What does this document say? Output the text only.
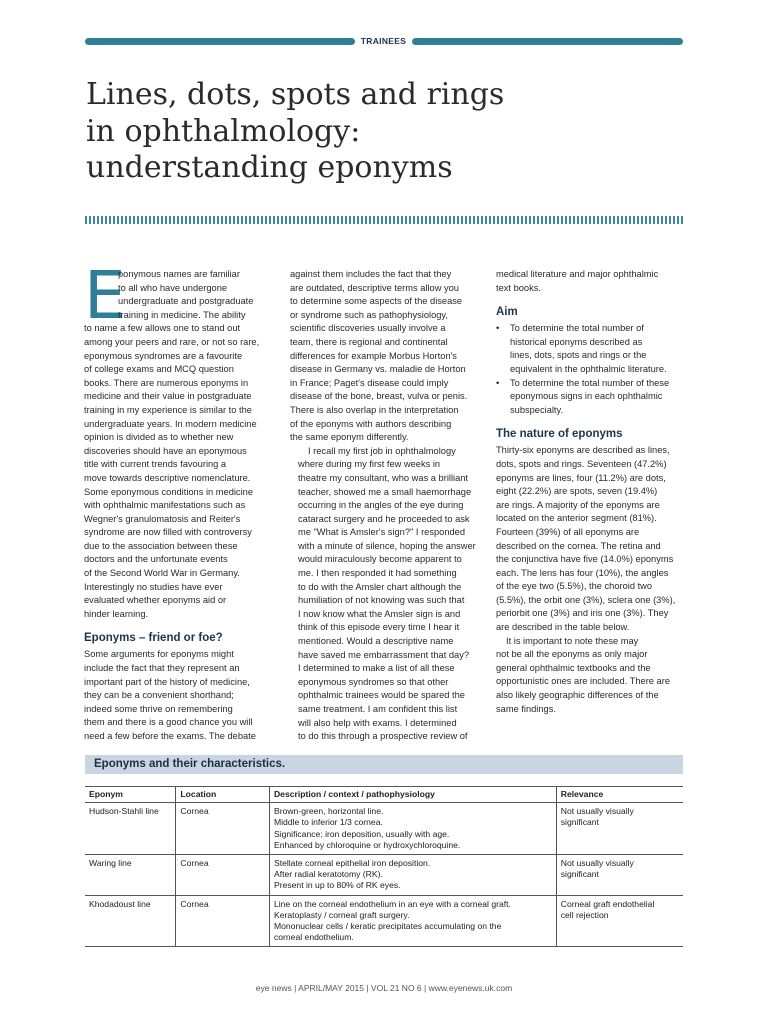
TRAINEES
Lines, dots, spots and rings
in ophthalmology:
understanding eponyms
E
ponymous names are familiar
to all who have undergone
undergraduate and postgraduate
training in medicine. The ability
to name a few allows one to stand out
among your peers and rare, or not so rare,
eponymous syndromes are a favourite
of college exams and MCQ question
books. There are numerous eponyms in
medicine and their value in postgraduate
training in my experience is similar to the
undergraduate years. In modern medicine
opinion is divided as to whether new
discoveries should have an eponymous
title with current trends favouring a
move towards descriptive nomenclature.
Some eponymous conditions in medicine
with ophthalmic manifestations such as
Wegner's granulomatosis and Reiter's
syndrome are now filled with controversy
due to the association between these
doctors and the unfortunate events
of the Second World War in Germany.
Interestingly no studies have ever
evaluated whether eponyms aid or
hinder learning.
Eponyms – friend or foe?
Some arguments for eponyms might
include the fact that they represent an
important part of the history of medicine,
they can be a convenient shorthand;
indeed some thrive on remembering
them and there is a good chance you will
need a few before the exams. The debate
against them includes the fact that they
are outdated, descriptive terms allow you
to determine some aspects of the disease
or syndrome such as pathophysiology,
scientific discoveries usually involve a
team, there is regional and continental
differences for example Morbus Horton's
disease in Germany vs. maladie de Horton
in France; Paget's disease could imply
disease of the bone, breast, vulva or penis.
There is also overlap in the interpretation
of the eponyms with authors describing
the same eponym differently.
I recall my first job in ophthalmology
where during my first few weeks in
theatre my consultant, who was a brilliant
teacher, showed me a small haemorrhage
occurring in the angles of the eye during
cataract surgery and he proceeded to ask
me "What is Amsler's sign?" I responded
with a minute of silence, hoping the answer
would miraculously become apparent to
me. I then responded it had something
to do with the Amsler chart although the
humiliation of not knowing was such that
I now know what the Amsler sign is and
think of this episode every time I hear it
mentioned. Would a descriptive name
have saved me embarrassment that day?
I determined to make a list of all these
eponymous syndromes so that other
ophthalmic trainees would be spared the
same treatment. I am confident this list
will also help with exams. I determined
to do this through a prospective review of
medical literature and major ophthalmic
text books.
Aim
• To determine the total number of
historical eponyms described as
lines, dots, spots and rings or the
equivalent in the ophthalmic literature.
• To determine the total number of these
eponymous signs in each ophthalmic
subspecialty.
The nature of eponyms
Thirty-six eponyms are described as lines,
dots, spots and rings. Seventeen (47.2%)
eponyms are lines, four (11.2%) are dots,
eight (22.2%) are spots, seven (19.4%)
are rings. A majority of the eponyms are
located on the anterior segment (81%).
Fourteen (39%) of all eponyms are
described on the cornea. The retina and
the conjunctiva have five (14.0%) eponyms
each. The lens has four (10%), the angles
of the eye two (5.5%), the choroid two
(5.5%), the orbit one (3%), sclera one (3%),
periorbit one (3%) and iris one (3%). They
are described in the table below.
It is important to note these may
not be all the eponyms as only major
general ophthalmic textbooks and the
opportunistic ones are included. There are
also likely geographic differences of the
same findings.
Eponyms and their characteristics.
Eponym	Location	Description / context / pathophysiology	Relevance
Hudson-Stahli line	Cornea	Brown-green, horizontal line.
Middle to inferior 1/3 cornea.
Significance: iron deposition, usually with age.
Enhanced by chloroquine or hydroxychloroquine.	Not usually visually
significant

Waring line	Cornea	Stellate corneal epithelial iron deposition.
After radial keratotomy (RK).
Present in up to 80% of RK eyes.	Not usually visually
significant

Khodadoust line	Cornea	Line on the corneal endothelium in an eye with a corneal graft.
Keratoplasty / corneal graft surgery.
Mononuclear cells / keratic precipitates accumulating on the
corneal endothelium.	Corneal graft endothelial
cell rejection
eye news | APRIL/MAY 2015 | VOL 21 NO 6 | www.eyenews.uk.com
